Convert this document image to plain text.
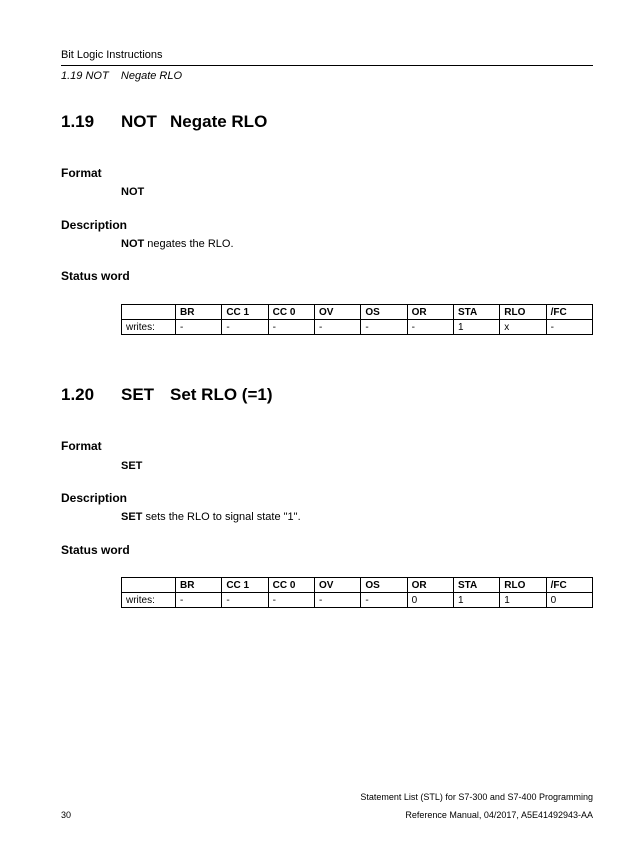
Bit Logic Instructions
1.19 NOT    Negate RLO
1.19 NOT Negate RLO
Format
NOT
Description
NOT negates the RLO.
Status word
	BR	CC 1	CC 0	OV	OS	OR	STA	RLO	/FC
writes:	-	-	-	-	-	-	1	x	-
1.20 SET Set RLO (=1)
Format
SET
Description
SET sets the RLO to signal state "1".
Status word
	BR	CC 1	CC 0	OV	OS	OR	STA	RLO	/FC
writes:	-	-	-	-	-	0	1	1	0
Statement List (STL) for S7-300 and S7-400 Programming
Reference Manual, 04/2017, A5E41492943-AA
30
